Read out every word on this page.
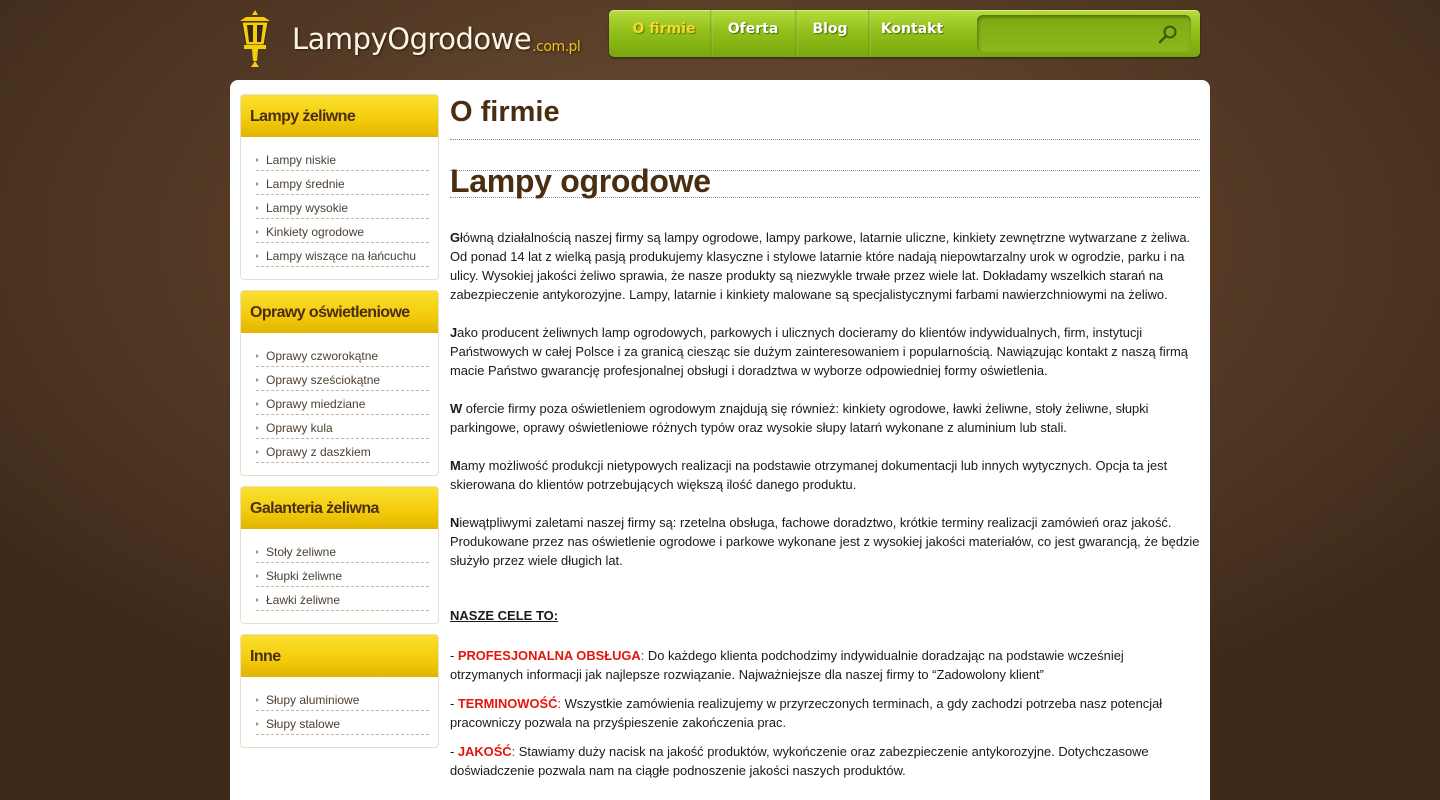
LampyOgrodowe.com.pl
O firmie	Oferta	Blog	Kontakt
Lampy żeliwne
Lampy niskie
Lampy średnie
Lampy wysokie
Kinkiety ogrodowe
Lampy wiszące na łańcuchu
Oprawy oświetleniowe
Oprawy czworokątne
Oprawy sześciokątne
Oprawy miedziane
Oprawy kula
Oprawy z daszkiem
Galanteria żeliwna
Stoły żeliwne
Słupki żeliwne
Ławki żeliwne
Inne
Słupy aluminiowe
Słupy stalowe
O firmie
Lampy ogrodowe

Główną działalnością naszej firmy są lampy ogrodowe, lampy parkowe, latarnie uliczne, kinkiety zewnętrzne wytwarzane z żeliwa. Od ponad 14 lat z wielką pasją produkujemy klasyczne i stylowe latarnie które nadają niepowtarzalny urok w ogrodzie, parku i na ulicy. Wysokiej jakości żeliwo sprawia, że nasze produkty są niezwykle trwałe przez wiele lat. Dokładamy wszelkich starań na zabezpieczenie antykorozyjne. Lampy, latarnie i kinkiety malowane są specjalistycznymi farbami nawierzchniowymi na żeliwo.

Jako producent żeliwnych lamp ogrodowych, parkowych i ulicznych docieramy do klientów indywidualnych, firm, instytucji Państwowych w całej Polsce i za granicą ciesząc sie dużym zainteresowaniem i popularnością. Nawiązując kontakt z naszą firmą macie Państwo gwarancję profesjonalnej obsługi i doradztwa w wyborze odpowiedniej formy oświetlenia.

W ofercie firmy poza oświetleniem ogrodowym znajdują się również: kinkiety ogrodowe, ławki żeliwne, stoły żeliwne, słupki parkingowe, oprawy oświetleniowe różnych typów oraz wysokie słupy latarń wykonane z aluminium lub stali.

Mamy możliwość produkcji nietypowych realizacji na podstawie otrzymanej dokumentacji lub innych wytycznych. Opcja ta jest skierowana do klientów potrzebujących większą ilość danego produktu.

Niewątpliwymi zaletami naszej firmy są: rzetelna obsługa, fachowe doradztwo, krótkie terminy realizacji zamówień oraz jakość. Produkowane przez nas oświetlenie ogrodowe i parkowe wykonane jest z wysokiej jakości materiałów, co jest gwarancją, że będzie służyło przez wiele długich lat.

NASZE CELE TO:

- PROFESJONALNA OBSŁUGA: Do każdego klienta podchodzimy indywidualnie doradzając na podstawie wcześniej otrzymanych informacji jak najlepsze rozwiązanie. Najważniejsze dla naszej firmy to “Zadowolony klient”

- TERMINOWOŚĆ: Wszystkie zamówienia realizujemy w przyrzeczonych terminach, a gdy zachodzi potrzeba nasz potencjał pracowniczy pozwala na przyśpieszenie zakończenia prac.

- JAKOŚĆ: Stawiamy duży nacisk na jakość produktów, wykończenie oraz zabezpieczenie antykorozyjne. Dotychczasowe doświadczenie pozwala nam na ciągłe podnoszenie jakości naszych produktów.
